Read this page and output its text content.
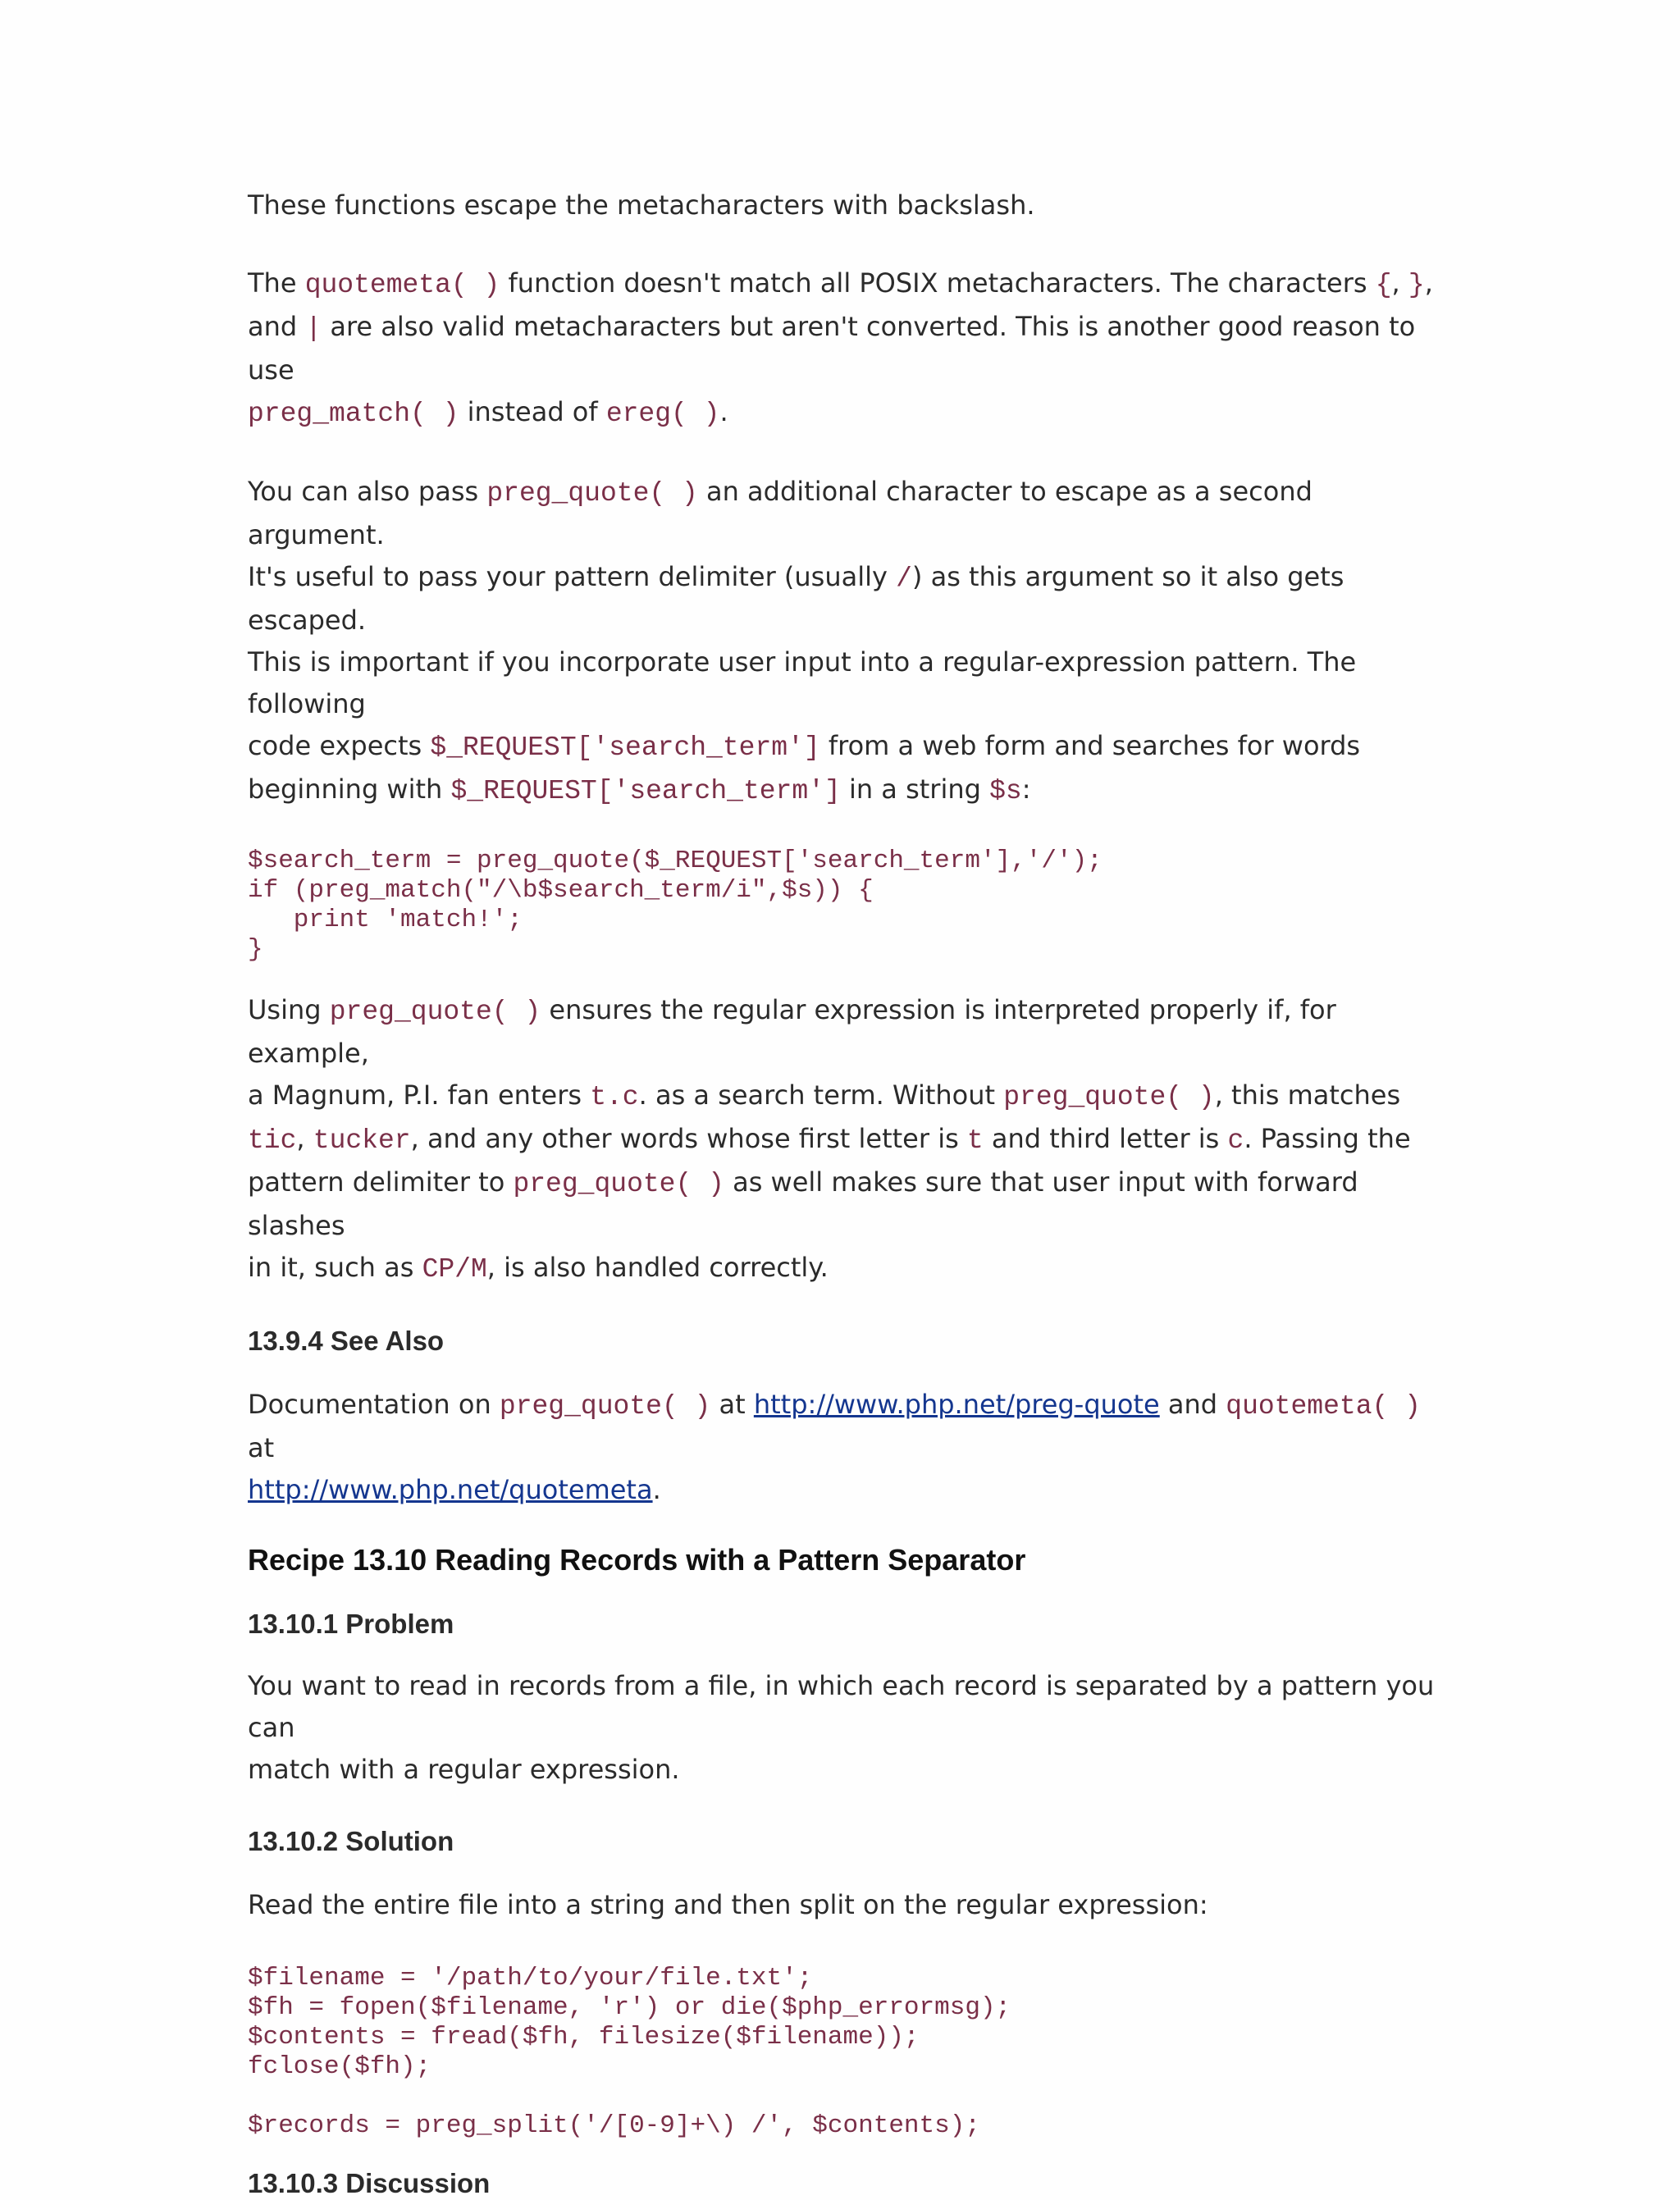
These functions escape the metacharacters with backslash.

The quotemeta( ) function doesn't match all POSIX metacharacters. The characters {, },
and | are also valid metacharacters but aren't converted. This is another good reason to use
preg_match( ) instead of ereg( ).

You can also pass preg_quote( ) an additional character to escape as a second argument.
It's useful to pass your pattern delimiter (usually /) as this argument so it also gets escaped.
This is important if you incorporate user input into a regular-expression pattern. The following
code expects $_REQUEST['search_term'] from a web form and searches for words
beginning with $_REQUEST['search_term'] in a string $s:

$search_term = preg_quote($_REQUEST['search_term'],'/');
if (preg_match("/\b$search_term/i",$s)) {
print 'match!';
}

Using preg_quote( ) ensures the regular expression is interpreted properly if, for example,
a Magnum, P.I. fan enters t.c. as a search term. Without preg_quote( ), this matches
tic, tucker, and any other words whose first letter is t and third letter is c. Passing the
pattern delimiter to preg_quote( ) as well makes sure that user input with forward slashes
in it, such as CP/M, is also handled correctly.

13.9.4 See Also

Documentation on preg_quote( ) at http://www.php.net/preg-quote and quotemeta( ) at
http://www.php.net/quotemeta.

Recipe 13.10 Reading Records with a Pattern Separator
13.10.1 Problem

You want to read in records from a file, in which each record is separated by a pattern you can
match with a regular expression.

13.10.2 Solution

Read the entire file into a string and then split on the regular expression:

$filename = '/path/to/your/file.txt';
$fh = fopen($filename, 'r') or die($php_errormsg);
$contents = fread($fh, filesize($filename));
fclose($fh);

$records = preg_split('/[0-9]+\) /', $contents);
13.10.3 Discussion
